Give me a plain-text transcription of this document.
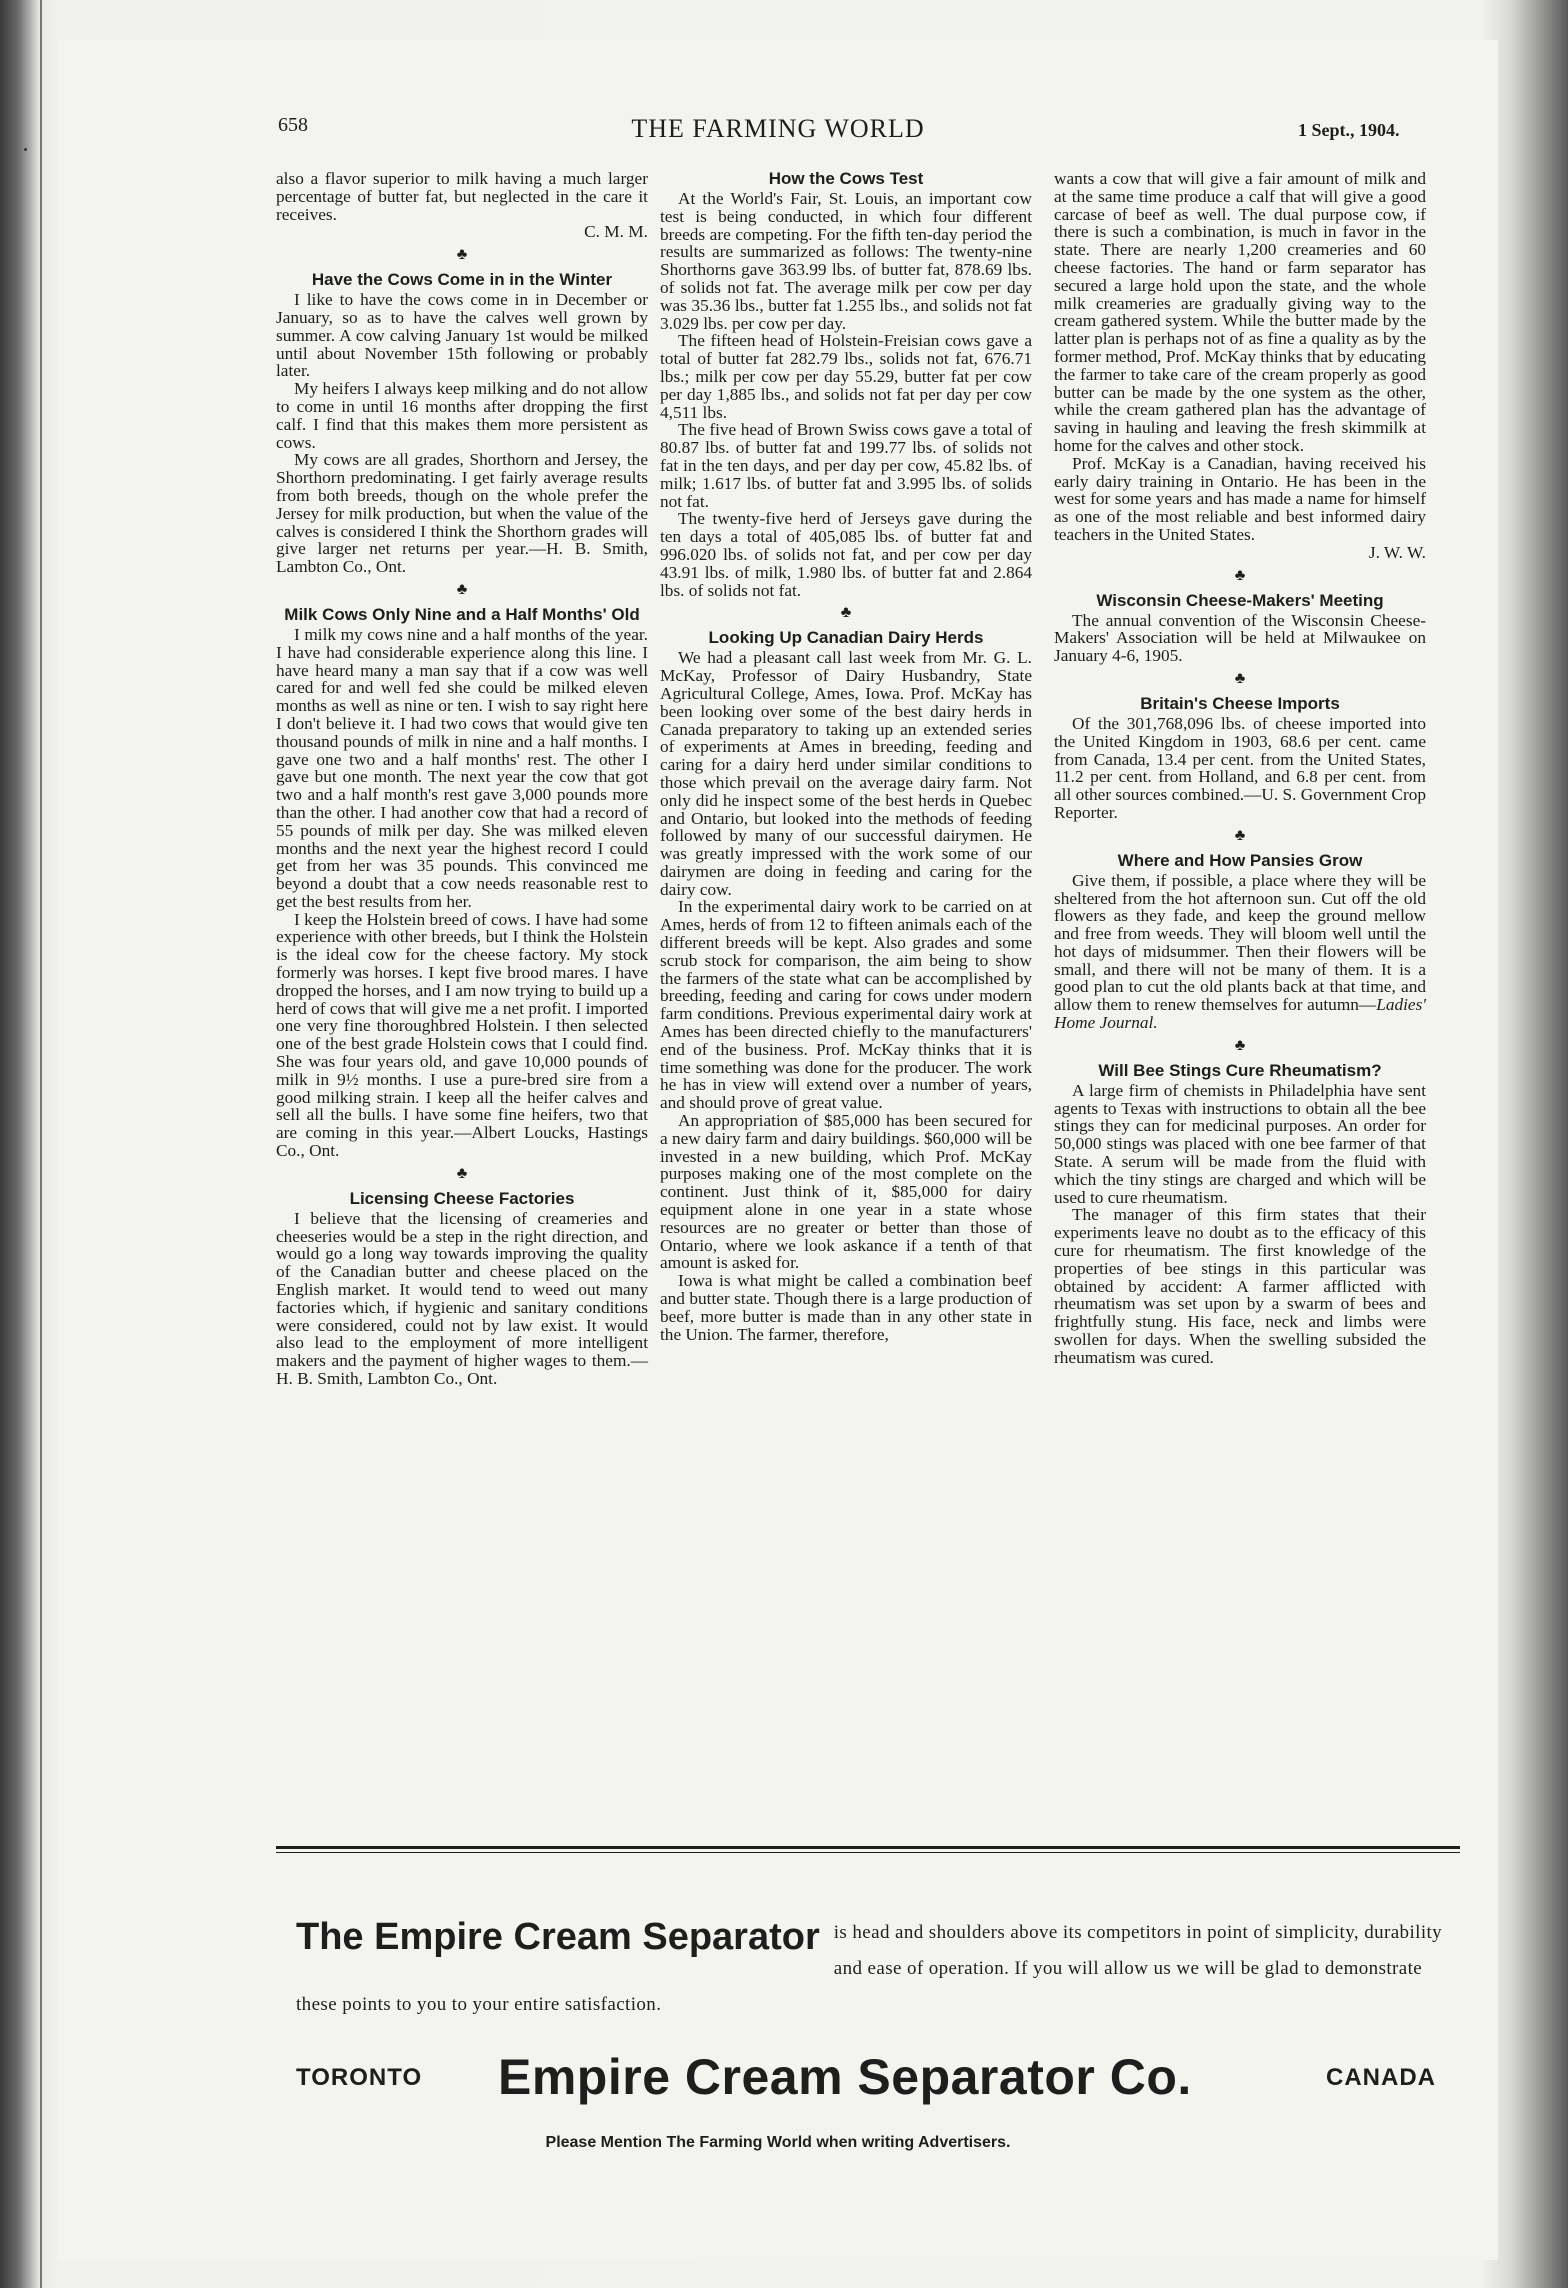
658	THE FARMING WORLD	1 Sept., 1904.

also a flavor superior to milk having a much larger percentage of butter fat, but neglected in the care it receives.

C. M. M.

♣
Have the Cows Come in in the Winter

I like to have the cows come in in December or January, so as to have the calves well grown by summer. A cow calving January 1st would be milked until about November 15th following or probably later.

My heifers I always keep milking and do not allow to come in until 16 months after dropping the first calf. I find that this makes them more persistent as cows.

My cows are all grades, Shorthorn and Jersey, the Shorthorn predominating. I get fairly average results from both breeds, though on the whole prefer the Jersey for milk production, but when the value of the calves is considered I think the Shorthorn grades will give larger net returns per year.—H. B. Smith, Lambton Co., Ont.

♣
Milk Cows Only Nine and a Half Months' Old

I milk my cows nine and a half months of the year. I have had considerable experience along this line. I have heard many a man say that if a cow was well cared for and well fed she could be milked eleven months as well as nine or ten. I wish to say right here I don't believe it. I had two cows that would give ten thousand pounds of milk in nine and a half months. I gave one two and a half months' rest. The other I gave but one month. The next year the cow that got two and a half month's rest gave 3,000 pounds more than the other. I had another cow that had a record of 55 pounds of milk per day. She was milked eleven months and the next year the highest record I could get from her was 35 pounds. This convinced me beyond a doubt that a cow needs reasonable rest to get the best results from her.

I keep the Holstein breed of cows. I have had some experience with other breeds, but I think the Holstein is the ideal cow for the cheese factory. My stock formerly was horses. I kept five brood mares. I have dropped the horses, and I am now trying to build up a herd of cows that will give me a net profit. I imported one very fine thoroughbred Holstein. I then selected one of the best grade Holstein cows that I could find. She was four years old, and gave 10,000 pounds of milk in 9½ months. I use a pure-bred sire from a good milking strain. I keep all the heifer calves and sell all the bulls. I have some fine heifers, two that are coming in this year.—Albert Loucks, Hastings Co., Ont.

♣
Licensing Cheese Factories

I believe that the licensing of creameries and cheeseries would be a step in the right direction, and would go a long way towards improving the quality of the Canadian butter and cheese placed on the English market. It would tend to weed out many factories which, if hygienic and sanitary conditions were considered, could not by law exist. It would also lead to the employment of more intelligent makers and the payment of higher wages to them.—H. B. Smith, Lambton Co., Ont.

How the Cows Test

At the World's Fair, St. Louis, an important cow test is being conducted, in which four different breeds are competing. For the fifth ten-day period the results are summarized as follows: The twenty-nine Shorthorns gave 363.99 lbs. of butter fat, 878.69 lbs. of solids not fat. The average milk per cow per day was 35.36 lbs., butter fat 1.255 lbs., and solids not fat 3.029 lbs. per cow per day.

The fifteen head of Holstein-Freisian cows gave a total of butter fat 282.79 lbs., solids not fat, 676.71 lbs.; milk per cow per day 55.29, butter fat per cow per day 1,885 lbs., and solids not fat per day per cow 4,511 lbs.

The five head of Brown Swiss cows gave a total of 80.87 lbs. of butter fat and 199.77 lbs. of solids not fat in the ten days, and per day per cow, 45.82 lbs. of milk; 1.617 lbs. of butter fat and 3.995 lbs. of solids not fat.

The twenty-five herd of Jerseys gave during the ten days a total of 405,085 lbs. of butter fat and 996.020 lbs. of solids not fat, and per cow per day 43.91 lbs. of milk, 1.980 lbs. of butter fat and 2.864 lbs. of solids not fat.

♣
Looking Up Canadian Dairy Herds

We had a pleasant call last week from Mr. G. L. McKay, Professor of Dairy Husbandry, State Agricultural College, Ames, Iowa. Prof. McKay has been looking over some of the best dairy herds in Canada preparatory to taking up an extended series of experiments at Ames in breeding, feeding and caring for a dairy herd under similar conditions to those which prevail on the average dairy farm. Not only did he inspect some of the best herds in Quebec and Ontario, but looked into the methods of feeding followed by many of our successful dairymen. He was greatly impressed with the work some of our dairymen are doing in feeding and caring for the dairy cow.

In the experimental dairy work to be carried on at Ames, herds of from 12 to fifteen animals each of the different breeds will be kept. Also grades and some scrub stock for comparison, the aim being to show the farmers of the state what can be accomplished by breeding, feeding and caring for cows under modern farm conditions. Previous experimental dairy work at Ames has been directed chiefly to the manufacturers' end of the business. Prof. McKay thinks that it is time something was done for the producer. The work he has in view will extend over a number of years, and should prove of great value.

An appropriation of $85,000 has been secured for a new dairy farm and dairy buildings. $60,000 will be invested in a new building, which Prof. McKay purposes making one of the most complete on the continent. Just think of it, $85,000 for dairy equipment alone in one year in a state whose resources are no greater or better than those of Ontario, where we look askance if a tenth of that amount is asked for.

Iowa is what might be called a combination beef and butter state. Though there is a large production of beef, more butter is made than in any other state in the Union. The farmer, therefore,

wants a cow that will give a fair amount of milk and at the same time produce a calf that will give a good carcase of beef as well. The dual purpose cow, if there is such a combination, is much in favor in the state. There are nearly 1,200 creameries and 60 cheese factories. The hand or farm separator has secured a large hold upon the state, and the whole milk creameries are gradually giving way to the cream gathered system. While the butter made by the latter plan is perhaps not of as fine a quality as by the former method, Prof. McKay thinks that by educating the farmer to take care of the cream properly as good butter can be made by the one system as the other, while the cream gathered plan has the advantage of saving in hauling and leaving the fresh skimmilk at home for the calves and other stock.

Prof. McKay is a Canadian, having received his early dairy training in Ontario. He has been in the west for some years and has made a name for himself as one of the most reliable and best informed dairy teachers in the United States.

J. W. W.

♣
Wisconsin Cheese-Makers' Meeting

The annual convention of the Wisconsin Cheese-Makers' Association will be held at Milwaukee on January 4-6, 1905.

♣
Britain's Cheese Imports

Of the 301,768,096 lbs. of cheese imported into the United Kingdom in 1903, 68.6 per cent. came from Canada, 13.4 per cent. from the United States, 11.2 per cent. from Holland, and 6.8 per cent. from all other sources combined.—U. S. Government Crop Reporter.

♣
Where and How Pansies Grow

Give them, if possible, a place where they will be sheltered from the hot afternoon sun. Cut off the old flowers as they fade, and keep the ground mellow and free from weeds. They will bloom well until the hot days of midsummer. Then their flowers will be small, and there will not be many of them. It is a good plan to cut the old plants back at that time, and allow them to renew themselves for autumn—Ladies' Home Journal.

♣
Will Bee Stings Cure Rheumatism?

A large firm of chemists in Philadelphia have sent agents to Texas with instructions to obtain all the bee stings they can for medicinal purposes. An order for 50,000 stings was placed with one bee farmer of that State. A serum will be made from the fluid with which the tiny stings are charged and which will be used to cure rheumatism.

The manager of this firm states that their experiments leave no doubt as to the efficacy of this cure for rheumatism. The first knowledge of the properties of bee stings in this particular was obtained by accident: A farmer afflicted with rheumatism was set upon by a swarm of bees and frightfully stung. His face, neck and limbs were swollen for days. When the swelling subsided the rheumatism was cured.

The Empire Cream Separator is head and shoulders above its competitors in point of simplicity, durability and ease of operation. If you will allow us we will be glad to demonstrate these points to you to your entire satisfaction.
TORONTO Empire Cream Separator Co.	CANADA
Please Mention The Farming World when writing Advertisers.
